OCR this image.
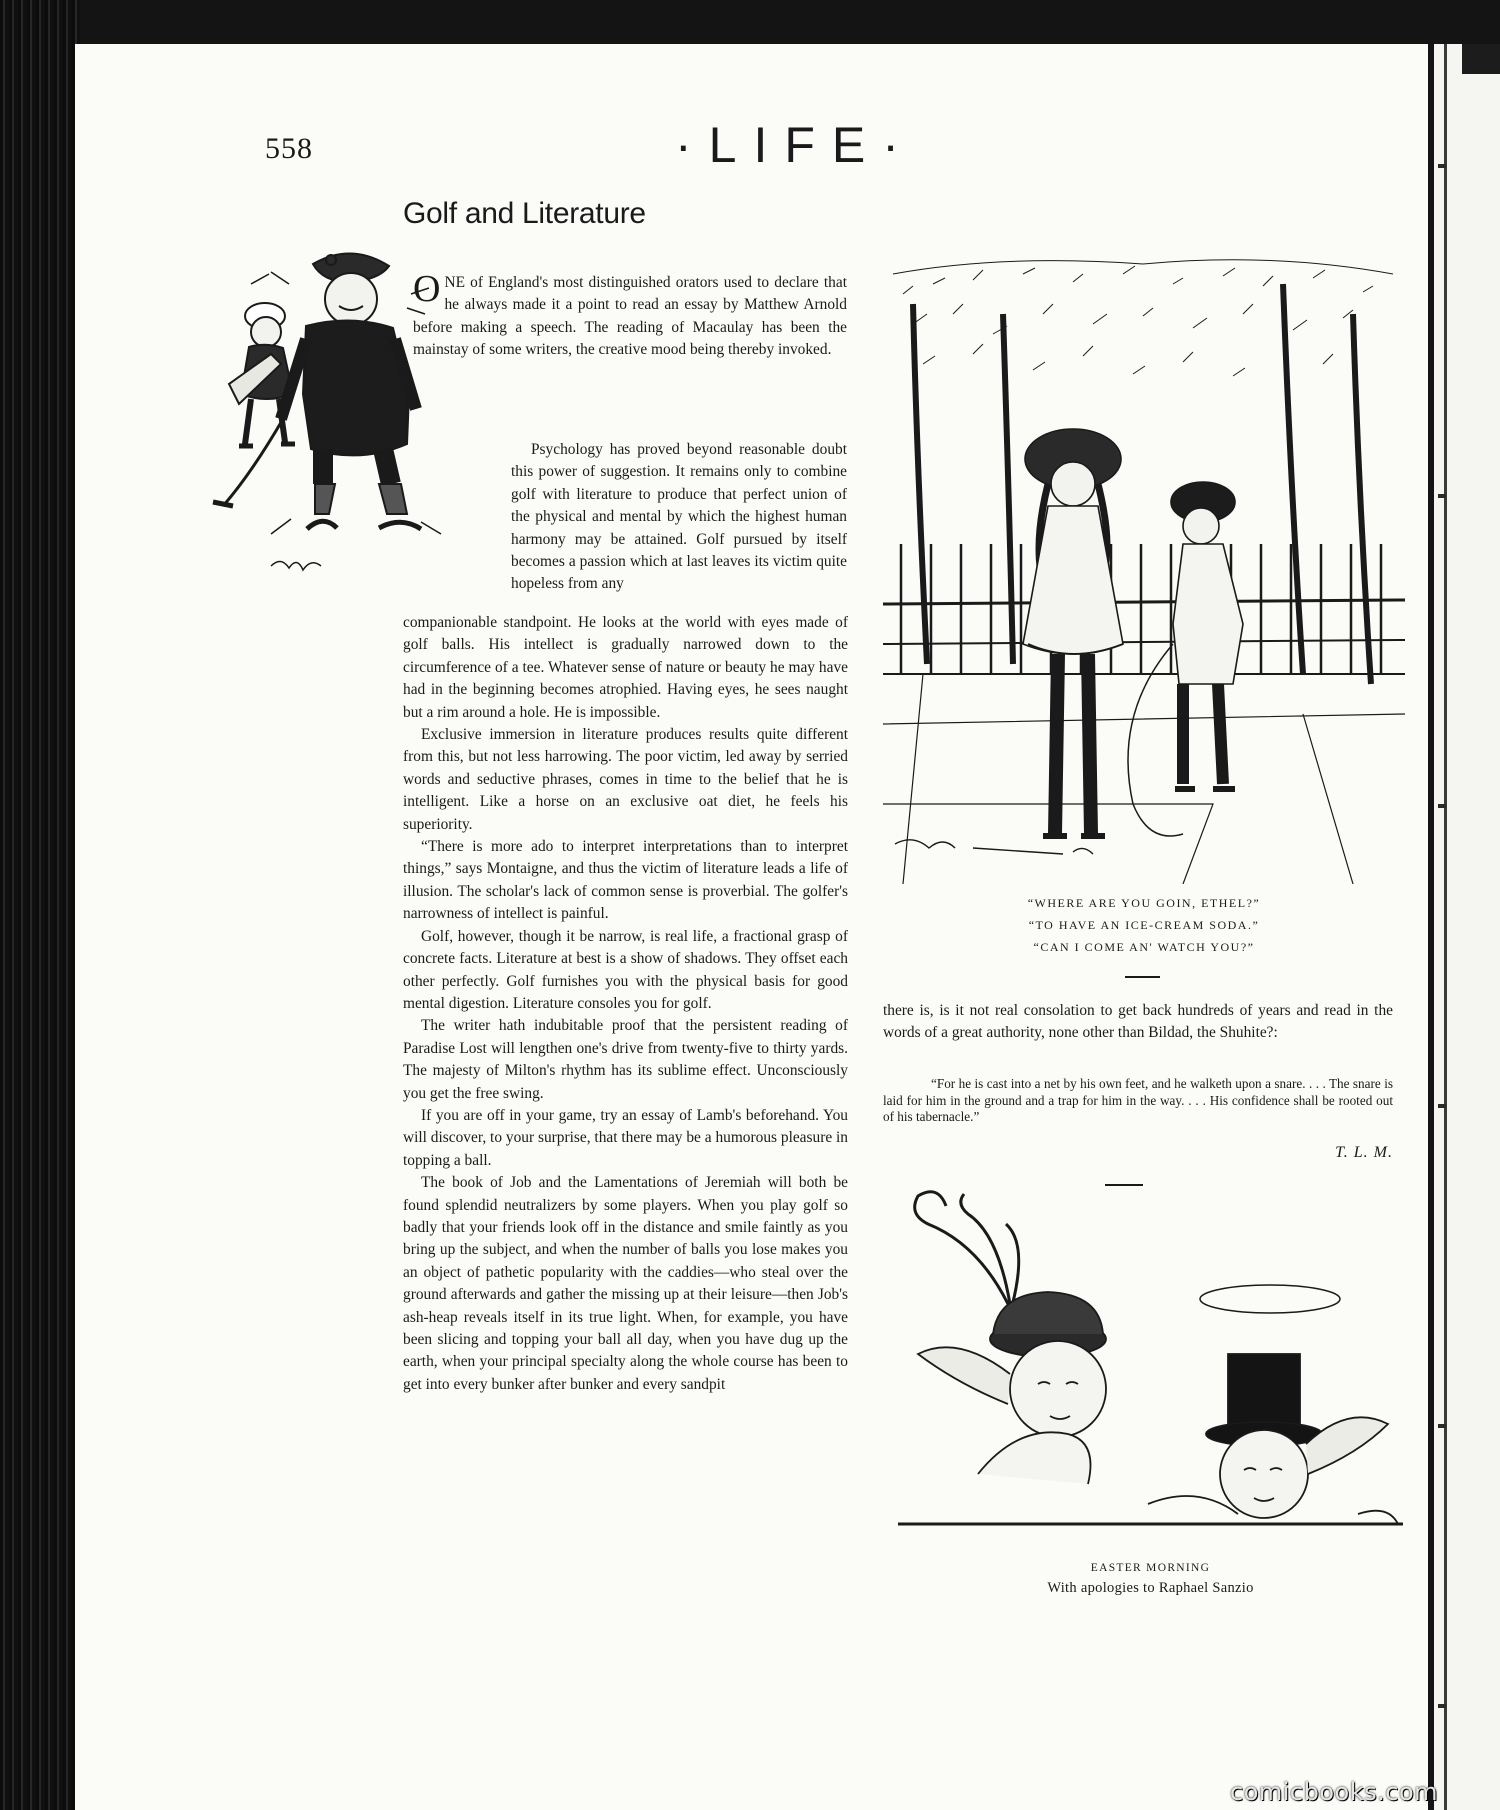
558	·LIFE·
Golf and Literature
ONE of England's most distinguished orators used to declare that he always made it a point to read an essay by Matthew Arnold before making a speech. The reading of Macaulay has been the mainstay of some writers, the creative mood being thereby invoked.
Psychology has proved beyond reasonable doubt this power of suggestion. It remains only to combine golf with literature to produce that perfect union of the physical and mental by which the highest human harmony may be attained. Golf pursued by itself becomes a passion which at last leaves its victim quite hopeless from any

companionable standpoint. He looks at the world with eyes made of golf balls. His intellect is gradually narrowed down to the circumference of a tee. Whatever sense of nature or beauty he may have had in the beginning becomes atrophied. Having eyes, he sees naught but a rim around a hole. He is impossible.

Exclusive immersion in literature produces results quite different from this, but not less harrowing. The poor victim, led away by serried words and seductive phrases, comes in time to the belief that he is intelligent. Like a horse on an exclusive oat diet, he feels his superiority.

“There is more ado to interpret interpretations than to interpret things,” says Montaigne, and thus the victim of literature leads a life of illusion. The scholar's lack of common sense is proverbial. The golfer's narrowness of intellect is painful.

Golf, however, though it be narrow, is real life, a fractional grasp of concrete facts. Literature at best is a show of shadows. They offset each other perfectly. Golf furnishes you with the physical basis for good mental digestion. Literature consoles you for golf.

The writer hath indubitable proof that the persistent reading of Paradise Lost will lengthen one's drive from twenty-five to thirty yards. The majesty of Milton's rhythm has its sublime effect. Unconsciously you get the free swing.

If you are off in your game, try an essay of Lamb's beforehand. You will discover, to your surprise, that there may be a humorous pleasure in topping a ball.

The book of Job and the Lamentations of Jeremiah will both be found splendid neutralizers by some players. When you play golf so badly that your friends look off in the distance and smile faintly as you bring up the subject, and when the number of balls you lose makes you an object of pathetic popularity with the caddies—who steal over the ground afterwards and gather the missing up at their leisure—then Job's ash-heap reveals itself in its true light. When, for example, you have been slicing and topping your ball all day, when you have dug up the earth, when your principal specialty along the whole course has been to get into every bunker after bunker and every sandpit

“WHERE ARE YOU GOIN, ETHEL?”
“TO HAVE AN ICE-CREAM SODA.”
“CAN I COME AN' WATCH YOU?”

there is, is it not real consolation to get back hundreds of years and read in the words of a great authority, none other than Bildad, the Shuhite?:

“For he is cast into a net by his own feet, and he walketh upon a snare. . . . The snare is laid for him in the ground and a trap for him in the way. . . . His confidence shall be rooted out of his tabernacle.”

T. L. M.
EASTER MORNING
With apologies to Raphael Sanzio
comicbooks.com
